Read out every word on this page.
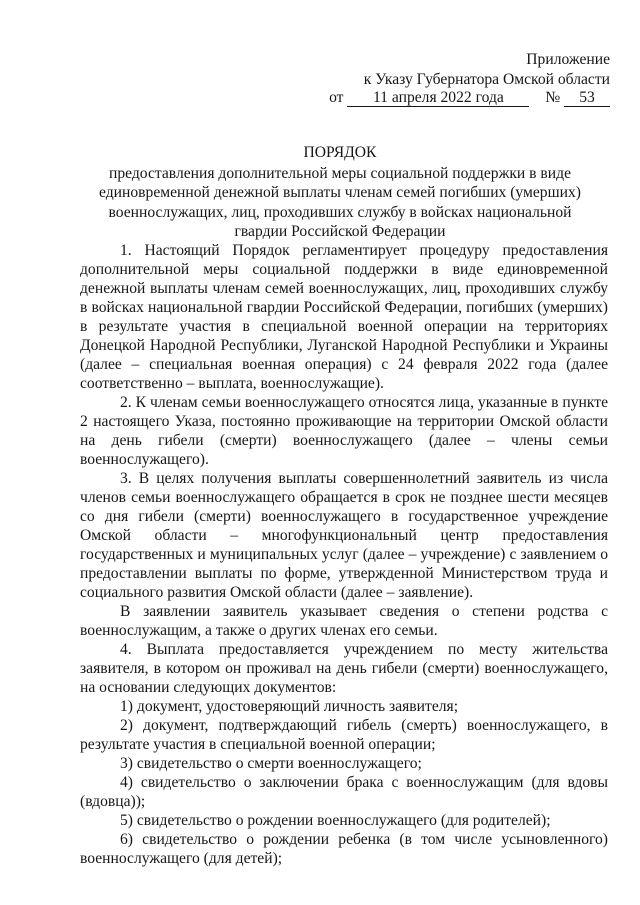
Приложение
к Указу Губернатора Омской области
от 11 апреля 2022 года	№ 53
ПОРЯДОК
предоставления дополнительной меры социальной поддержки в виде
единовременной денежной выплаты членам семей погибших (умерших)
военнослужащих, лиц, проходивших службу в войсках национальной
гвардии Российской Федерации

1. Настоящий Порядок регламентирует процедуру предоставления дополнительной меры социальной поддержки в виде единовременной денежной выплаты членам семей военнослужащих, лиц, проходивших службу в войсках национальной гвардии Российской Федерации, погибших (умерших) в результате участия в специальной военной операции на территориях Донецкой Народной Республики, Луганской Народной Республики и Украины (далее – специальная военная операция) с 24 февраля 2022 года (далее соответственно – выплата, военнослужащие).

2. К членам семьи военнослужащего относятся лица, указанные в пункте 2 настоящего Указа, постоянно проживающие на территории Омской области на день гибели (смерти) военнослужащего (далее – члены семьи военнослужащего).

3. В целях получения выплаты совершеннолетний заявитель из числа членов семьи военнослужащего обращается в срок не позднее шести месяцев со дня гибели (смерти) военнослужащего в государственное учреждение Омской области – многофункциональный центр предоставления государственных и муниципальных услуг (далее – учреждение) с заявлением о предоставлении выплаты по форме, утвержденной Министерством труда и социального развития Омской области (далее – заявление).

В заявлении заявитель указывает сведения о степени родства с военнослужащим, а также о других членах его семьи.

4. Выплата предоставляется учреждением по месту жительства заявителя, в котором он проживал на день гибели (смерти) военнослужащего, на основании следующих документов:

1) документ, удостоверяющий личность заявителя;

2) документ, подтверждающий гибель (смерть) военнослужащего, в результате участия в специальной военной операции;

3) свидетельство о смерти военнослужащего;

4) свидетельство о заключении брака с военнослужащим (для вдовы (вдовца));

5) свидетельство о рождении военнослужащего (для родителей);

6) свидетельство о рождении ребенка (в том числе усыновленного) военнослужащего (для детей);
